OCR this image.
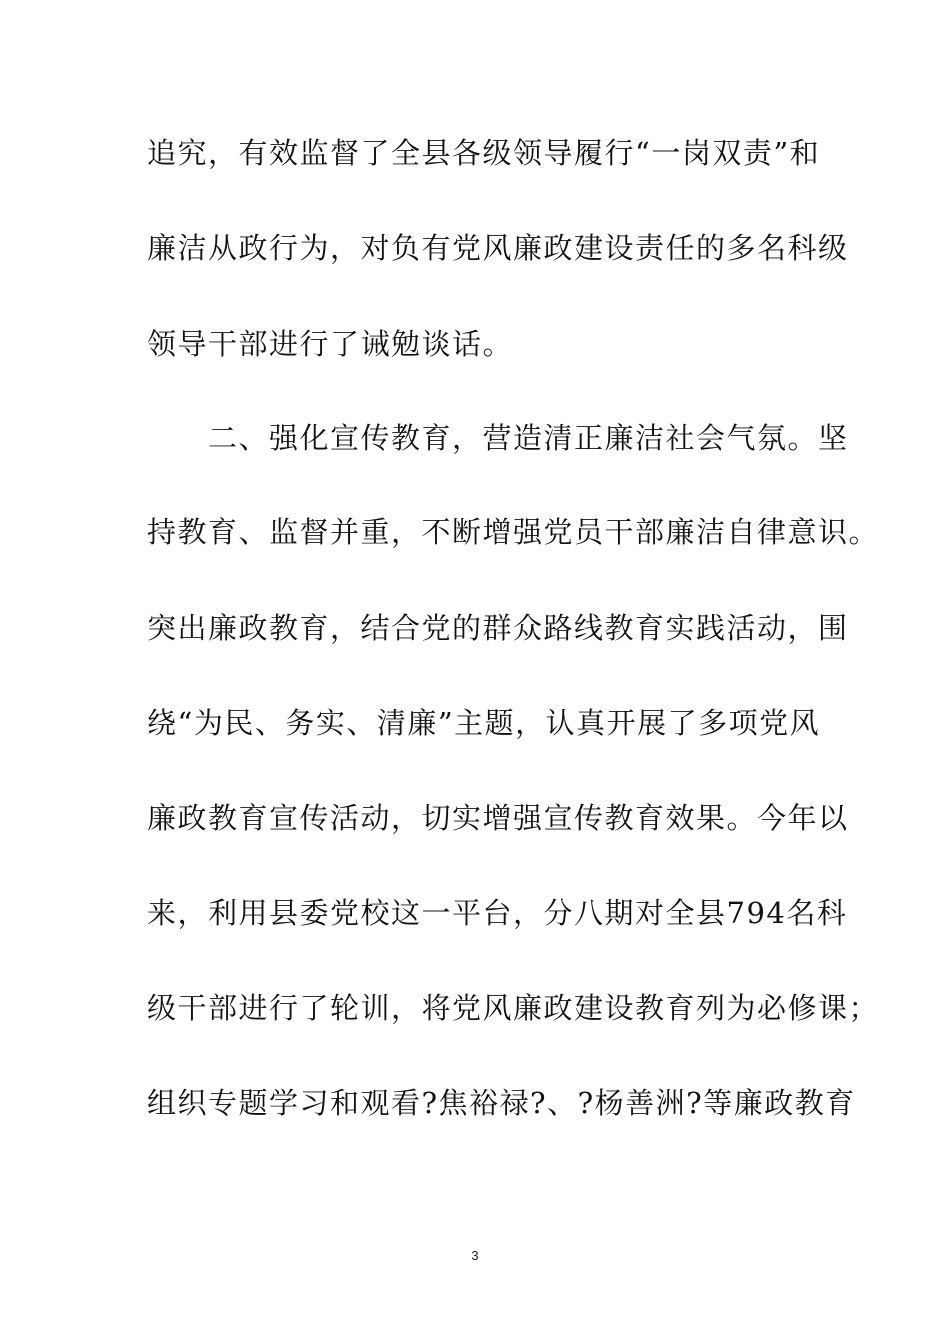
追究，有效监督了全县各级领导履行“一岗双责”和
廉洁从政行为，对负有党风廉政建设责任的多名科级
领导干部进行了诫勉谈话。
　　二、强化宣传教育，营造清正廉洁社会气氛。坚
持教育、监督并重，不断增强党员干部廉洁自律意识。
突出廉政教育，结合党的群众路线教育实践活动，围
绕“为民、务实、清廉”主题，认真开展了多项党风
廉政教育宣传活动，切实增强宣传教育效果。今年以
来，利用县委党校这一平台，分八期对全县794名科
级干部进行了轮训，将党风廉政建设教育列为必修课；
组织专题学习和观看?焦裕禄?、?杨善洲?等廉政教育
3
